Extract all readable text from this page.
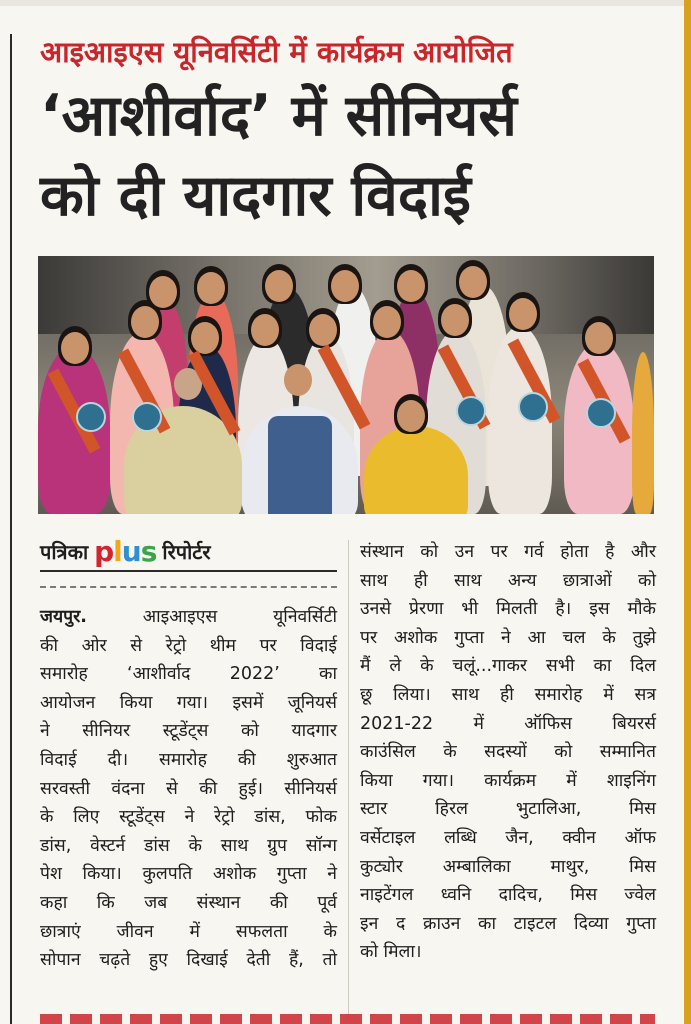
आइआइएस यूनिवर्सिटी में कार्यक्रम आयोजित
‘आशीर्वाद’ में सीनियर्स
को दी यादगार विदाई
पत्रिका plus रिपोर्टर
जयपुर.	आइआइएस यूनिवर्सिटी
की ओर से रेट्रो थीम पर विदाई
समारोह ‘आशीर्वाद 2022’ का
आयोजन किया गया। इसमें जूनियर्स
ने सीनियर स्टूडेंट्स को यादगार
विदाई दी। समारोह की शुरुआत
सरवस्ती वंदना से की हुई। सीनियर्स
के लिए स्टूडेंट्स ने रेट्रो डांस, फोक
डांस, वेस्टर्न डांस के साथ ग्रुप सॉन्ग
पेश किया। कुलपति अशोक गुप्ता ने
कहा कि जब संस्थान की पूर्व
छात्राएं जीवन में सफलता के
सोपान चढ़ते हुए दिखाई देती हैं, तो
संस्थान को उन पर गर्व होता है और
साथ ही साथ अन्य छात्राओं को
उनसे प्रेरणा भी मिलती है। इस मौके
पर अशोक गुप्ता ने आ चल के तुझे
मैं ले के चलूं...गाकर सभी का दिल
छू लिया। साथ ही समारोह में सत्र
2021-22 में ऑफिस बियरर्स
काउंसिल के सदस्यों को सम्मानित
किया गया। कार्यक्रम में शाइनिंग
स्टार हिरल भुटालिआ, मिस
वर्सेटाइल लब्धि जैन, क्वीन ऑफ
कुट्योर अम्बालिका माथुर, मिस
नाइटेंगल ध्वनि दादिच, मिस ज्वेल
इन द क्राउन का टाइटल दिव्या गुप्ता
को मिला।
